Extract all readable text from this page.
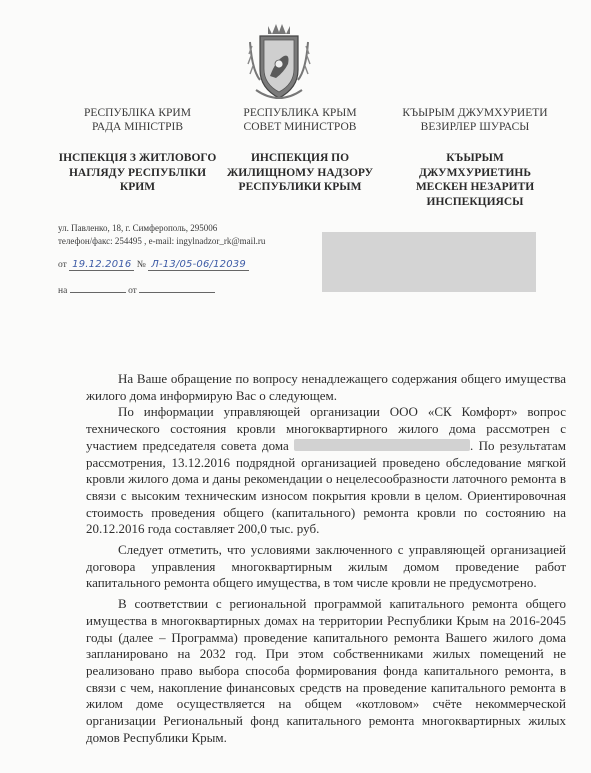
РЕСПУБЛІКА КРИМ
РАДА МІНІСТРІВ
ІНСПЕКЦІЯ З ЖИТЛОВОГО
НАГЛЯДУ РЕСПУБЛІКИ
КРИМ
РЕСПУБЛИКА КРЫМ
СОВЕТ МИНИСТРОВ
ИНСПЕКЦИЯ ПО
ЖИЛИЩНОМУ НАДЗОРУ
РЕСПУБЛИКИ КРЫМ
КЪЫРЫМ ДЖУМХУРИЕТИ
ВЕЗИРЛЕР ШУРАСЫ
КЪЫРЫМ
ДЖУМХУРИЕТИНЬ
МЕСКЕН НЕЗАРИТИ
ИНСПЕКЦИЯСЫ
ул. Павленко, 18, г. Симферополь, 295006
телефон/факс: 254495 , e-mail: ingylnadzor_rk@mail.ru
от 19.12.2016 № Л-13/05-06/12039
на	от

На Ваше обращение по вопросу ненадлежащего содержания общего имущества жилого дома информирую Вас о следующем.

По информации управляющей организации ООО «СК Комфорт» вопрос технического состояния кровли многоквартирного жилого дома рассмотрен с участием председателя совета дома	. По результатам рассмотрения, 13.12.2016 подрядной организацией проведено обследование мягкой кровли жилого дома и даны рекомендации о нецелесообразности латочного ремонта в связи с высоким техническим износом покрытия кровли в целом. Ориентировочная стоимость проведения общего (капитального) ремонта кровли по состоянию на 20.12.2016 года составляет 200,0 тыс. руб.

Следует отметить, что условиями заключенного с управляющей организацией договора управления многоквартирным жилым домом проведение работ капитального ремонта общего имущества, в том числе кровли не предусмотрено.

В соответствии с региональной программой капитального ремонта общего имущества в многоквартирных домах на территории Республики Крым на 2016-2045 годы (далее – Программа) проведение капитального ремонта Вашего жилого дома запланировано на 2032 год. При этом собственниками жилых помещений не реализовано право выбора способа формирования фонда капитального ремонта, в связи с чем, накопление финансовых средств на проведение капитального ремонта в жилом доме осуществляется на общем «котловом» счёте некоммерческой организации Региональный фонд капитального ремонта многоквартирных жилых домов Республики Крым.
